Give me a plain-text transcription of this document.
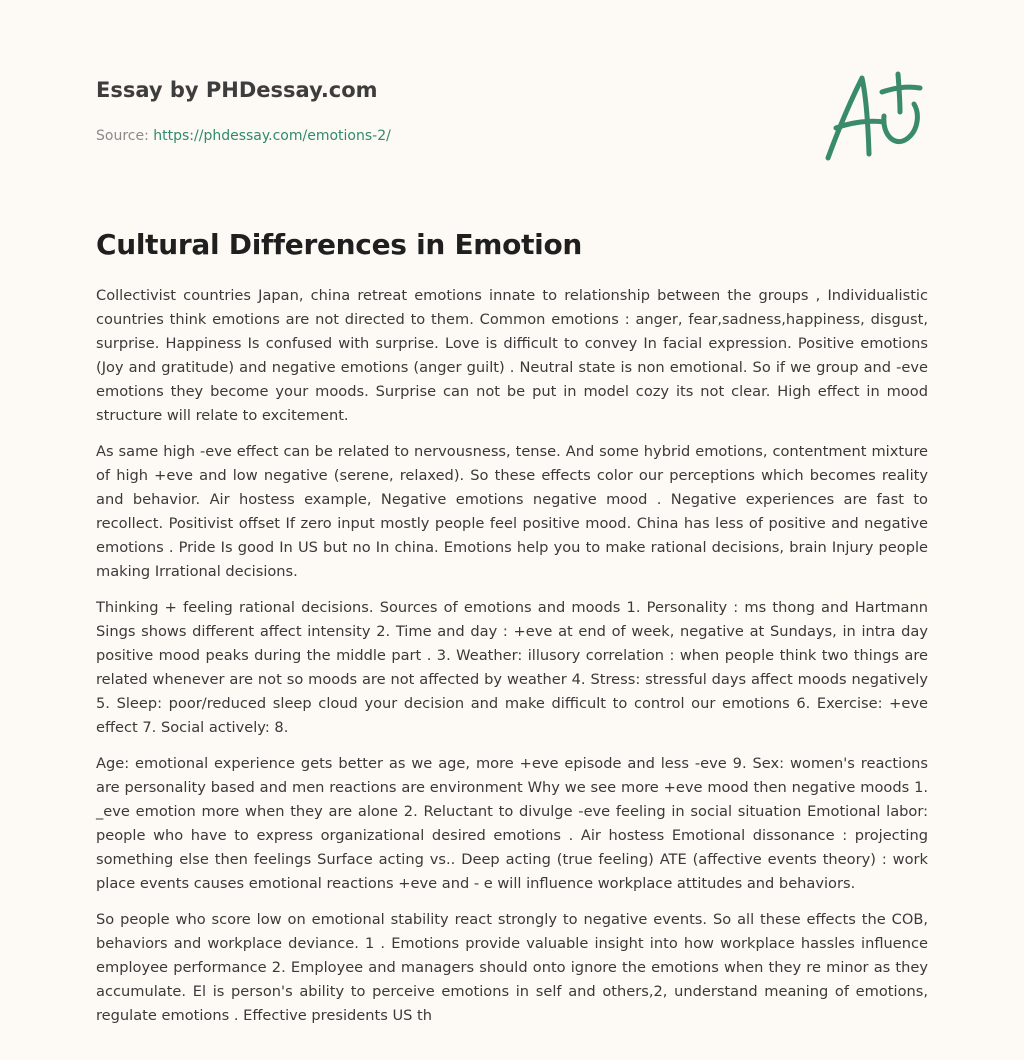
Essay by PHDessay.com
Source: https://phdessay.com/emotions-2/
Cultural Differences in Emotion

Collectivist countries Japan, china retreat emotions innate to relationship between the groups , Individualistic countries think emotions are not directed to them. Common emotions : anger, fear,sadness,happiness, disgust, surprise. Happiness Is confused with surprise. Love is difficult to convey In facial expression. Positive emotions (Joy and gratitude) and negative emotions (anger guilt) . Neutral state is non emotional. So if we group and -eve emotions they become your moods. Surprise can not be put in model cozy its not clear. High effect in mood structure will relate to excitement.

As same high -eve effect can be related to nervousness, tense. And some hybrid emotions, contentment mixture of high +eve and low negative (serene, relaxed). So these effects color our perceptions which becomes reality and behavior. Air hostess example, Negative emotions negative mood . Negative experiences are fast to recollect. Positivist offset If zero input mostly people feel positive mood. China has less of positive and negative emotions . Pride Is good In US but no In china. Emotions help you to make rational decisions, brain Injury people making Irrational decisions.

Thinking + feeling rational decisions. Sources of emotions and moods 1. Personality : ms thong and Hartmann Sings shows different affect intensity 2. Time and day : +eve at end of week, negative at Sundays, in intra day positive mood peaks during the middle part . 3. Weather: illusory correlation : when people think two things are related whenever are not so moods are not affected by weather 4. Stress: stressful days affect moods negatively 5. Sleep: poor/reduced sleep cloud your decision and make difficult to control our emotions 6. Exercise: +eve effect 7. Social actively: 8.

Age: emotional experience gets better as we age, more +eve episode and less -eve 9. Sex: women's reactions are personality based and men reactions are environment Why we see more +eve mood then negative moods 1. _eve emotion more when they are alone 2. Reluctant to divulge -eve feeling in social situation Emotional labor: people who have to express organizational desired emotions . Air hostess Emotional dissonance : projecting something else then feelings Surface acting vs.. Deep acting (true feeling) ATE (affective events theory) : work place events causes emotional reactions +eve and - e will influence workplace attitudes and behaviors.

So people who score low on emotional stability react strongly to negative events. So all these effects the COB, behaviors and workplace deviance. 1 . Emotions provide valuable insight into how workplace hassles influence employee performance 2. Employee and managers should onto ignore the emotions when they re minor as they accumulate. El is person's ability to perceive emotions in self and others,2, understand meaning of emotions, regulate emotions . Effective presidents US th
